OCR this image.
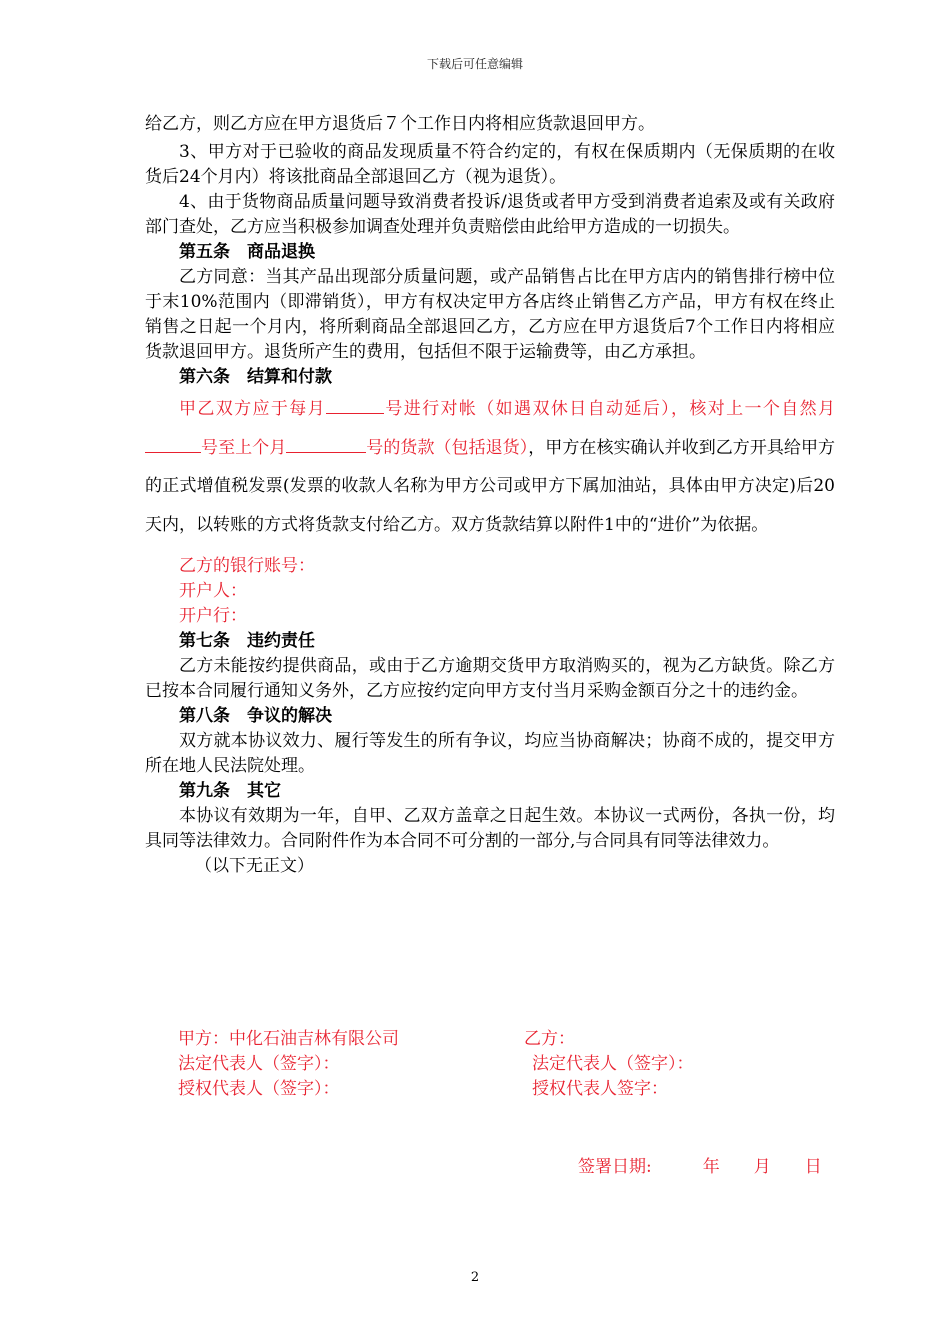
下载后可任意编辑

给乙方，则乙方应在甲方退货后７个工作日内将相应货款退回甲方。

3、甲方对于已验收的商品发现质量不符合约定的，有权在保质期内（无保质期的在收货后24个月内）将该批商品全部退回乙方（视为退货）。

4、由于货物商品质量问题导致消费者投诉/退货或者甲方受到消费者追索及或有关政府部门查处，乙方应当积极参加调查处理并负责赔偿由此给甲方造成的一切损失。

第五条　商品退换

乙方同意：当其产品出现部分质量问题，或产品销售占比在甲方店内的销售排行榜中位于末10%范围内（即滞销货），甲方有权决定甲方各店终止销售乙方产品，甲方有权在终止销售之日起一个月内，将所剩商品全部退回乙方，乙方应在甲方退货后7个工作日内将相应货款退回甲方。退货所产生的费用，包括但不限于运输费等，由乙方承担。

第六条　结算和付款

甲乙双方应于每月	号进行对帐（如遇双休日自动延后），核对上一个自然月号至上个月	号的货款（包括退货），甲方在核实确认并收到乙方开具给甲方的正式增值税发票(发票的收款人名称为甲方公司或甲方下属加油站，具体由甲方决定)后20天内，以转账的方式将货款支付给乙方。双方货款结算以附件1中的“进价”为依据。

乙方的银行账号：

开户人：

开户行：

第七条　违约责任

乙方未能按约提供商品，或由于乙方逾期交货甲方取消购买的，视为乙方缺货。除乙方已按本合同履行通知义务外，乙方应按约定向甲方支付当月采购金额百分之十的违约金。

第八条　争议的解决

双方就本协议效力、履行等发生的所有争议，均应当协商解决；协商不成的，提交甲方所在地人民法院处理。

第九条　其它

本协议有效期为一年，自甲、乙双方盖章之日起生效。本协议一式两份，各执一份，均具同等法律效力。合同附件作为本合同不可分割的一部分,与合同具有同等法律效力。

（以下无正文）

甲方：中化石油吉林有限公司	乙方：
法定代表人（签字）：	法定代表人（签字）：
授权代表人（签字）：	授权代表人签字：
签署日期:　　　年　　月　　日
2
